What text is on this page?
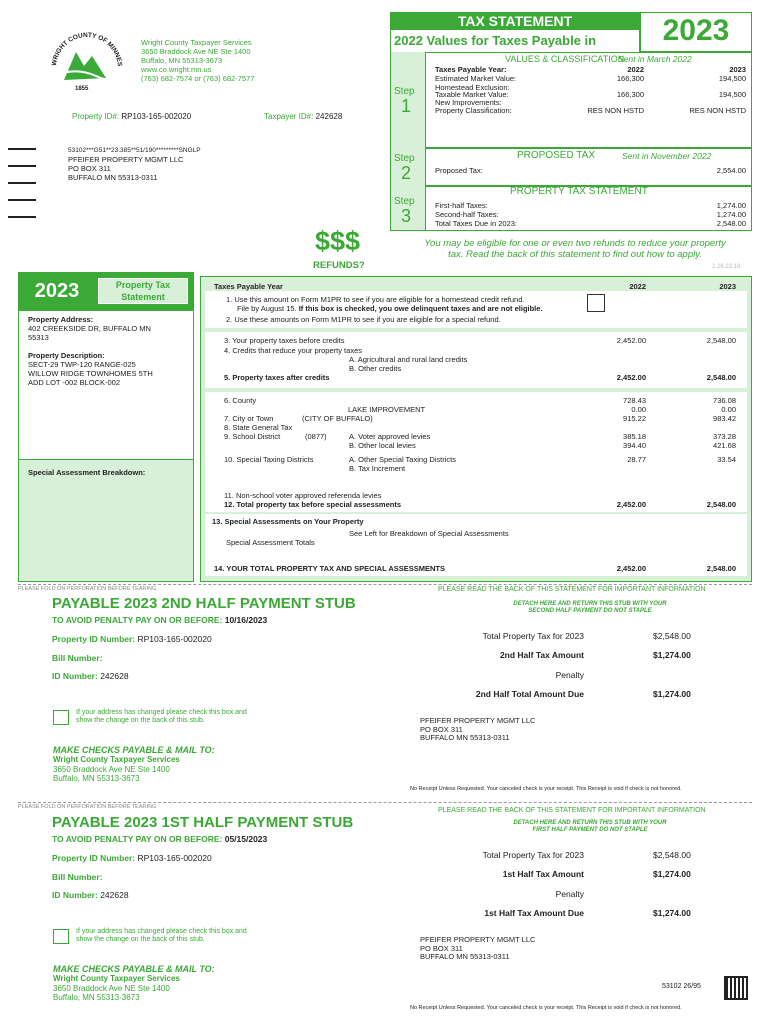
WRIGHT COUNTY OF MINNES
1855
Wright County Taxpayer Services
3650 Braddock Ave NE Ste 1400
Buffalo, MN 55313-3673
www.co.wright.mn.us
(763) 682-7574 or (763) 682-7577
Property ID#: RP103-165-002020	Taxpayer ID#: 242628
53102***G51**23.385**51/190*********SNGLP
PFEIFER PROPERTY MGMT LLC
PO BOX 311
BUFFALO MN 55313-0311
TAX STATEMENT	2023
2022 Values for Taxes Payable in
Step
1
Step
2
Step
3
VALUES & CLASSIFICATION
Sent in March 2022
Taxes Payable Year:	2022	2023
Estimated Market Value:	166,300	194,500
Homestead Exclusion:
Taxable Market Value:	166,300	194,500
New Improvements:
Property Classification:	RES NON HSTD	RES NON HSTD
PROPOSED TAX	Sent in November 2022
Proposed Tax:	2,554.00
PROPERTY TAX STATEMENT
First-half Taxes:	1,274.00
Second-half Taxes:	1,274.00
Total Taxes Due in 2023:	2,548.00
$$$
REFUNDS?
You may be eligible for one or even two refunds to reduce your property
tax. Read the back of this statement to find out how to apply.
2.26.23.18
2023	Property Tax
Statement
Property Address:
402 CREEKSIDE DR, BUFFALO MN
55313
Property Description:
SECT-29 TWP-120 RANGE-025
WILLOW RIDGE TOWNHOMES 5TH
ADD LOT -002 BLOCK-002
Special Assessment Breakdown:
Taxes Payable Year	2022	2023
1. Use this amount on Form M1PR to see if you are eligible for a homestead credit refund.
File by August 15. If this box is checked, you owe delinquent taxes and are not eligible.
2. Use these amounts on Form M1PR to see if you are eligible for a special refund.
3. Your property taxes before credits	2,452.00	2,548.00
4. Credits that reduce your property taxes
A. Agricultural and rural land credits
B. Other credits
5. Property taxes after credits	2,452.00	2,548.00
6. County	728.43	736.08
LAKE IMPROVEMENT	0.00	0.00
7. City or Town	(CITY OF BUFFALO)	915.22	983.42
8. State General Tax
9. School District	(0877)	A. Voter approved levies	385.18	373.28
B. Other local levies	394.40	421.68
10. Special Taxing Districts	A. Other Special Taxing Districts	28.77	33.54
B. Tax Increment
11. Non-school voter approved referenda levies
12. Total property tax before special assessments	2,452.00	2,548.00
13. Special Assessments on Your Property
See Left for Breakdown of Special Assessments
Special Assessment Totals
14. YOUR TOTAL PROPERTY TAX AND SPECIAL ASSESSMENTS	2,452.00	2,548.00
PLEASE FOLD ON PERFORATION BEFORE TEARING	PLEASE READ THE BACK OF THIS STATEMENT FOR IMPORTANT INFORMATION
PAYABLE 2023 2ND HALF PAYMENT STUB
TO AVOID PENALTY PAY ON OR BEFORE: 10/16/2023
DETACH HERE AND RETURN THIS STUB WITH YOUR
SECOND HALF PAYMENT DO NOT STAPLE
Property ID Number: RP103-165-002020
Bill Number:
ID Number: 242628
Total Property Tax for 2023	$2,548.00
2nd Half Tax Amount	$1,274.00
Penalty
2nd Half Total Amount Due	$1,274.00
If your address has changed please check this box and
show the change on the back of this stub.
MAKE CHECKS PAYABLE & MAIL TO:
Wright County Taxpayer Services
3650 Braddock Ave NE Ste 1400
Buffalo, MN 55313-3673
PFEIFER PROPERTY MGMT LLC
PO BOX 311
BUFFALO MN 55313-0311
No Receipt Unless Requested. Your canceled check is your receipt. This Receipt is void if check is not honored.
PLEASE FOLD ON PERFORATION BEFORE TEARING	PLEASE READ THE BACK OF THIS STATEMENT FOR IMPORTANT INFORMATION
PAYABLE 2023 1ST HALF PAYMENT STUB
TO AVOID PENALTY PAY ON OR BEFORE: 05/15/2023
DETACH HERE AND RETURN THIS STUB WITH YOUR
FIRST HALF PAYMENT DO NOT STAPLE
Property ID Number: RP103-165-002020
Bill Number:
ID Number: 242628
Total Property Tax for 2023	$2,548.00
1st Half Tax Amount	$1,274.00
Penalty
1st Half Tax Amount Due	$1,274.00
If your address has changed please check this box and
show the change on the back of this stub.
MAKE CHECKS PAYABLE & MAIL TO:
Wright County Taxpayer Services
3650 Braddock Ave NE Ste 1400
Buffalo, MN 55313-3673
PFEIFER PROPERTY MGMT LLC
PO BOX 311
BUFFALO MN 55313-0311
53102 26/95
No Receipt Unless Requested. Your canceled check is your receipt. This Receipt is void if check is not honored.
